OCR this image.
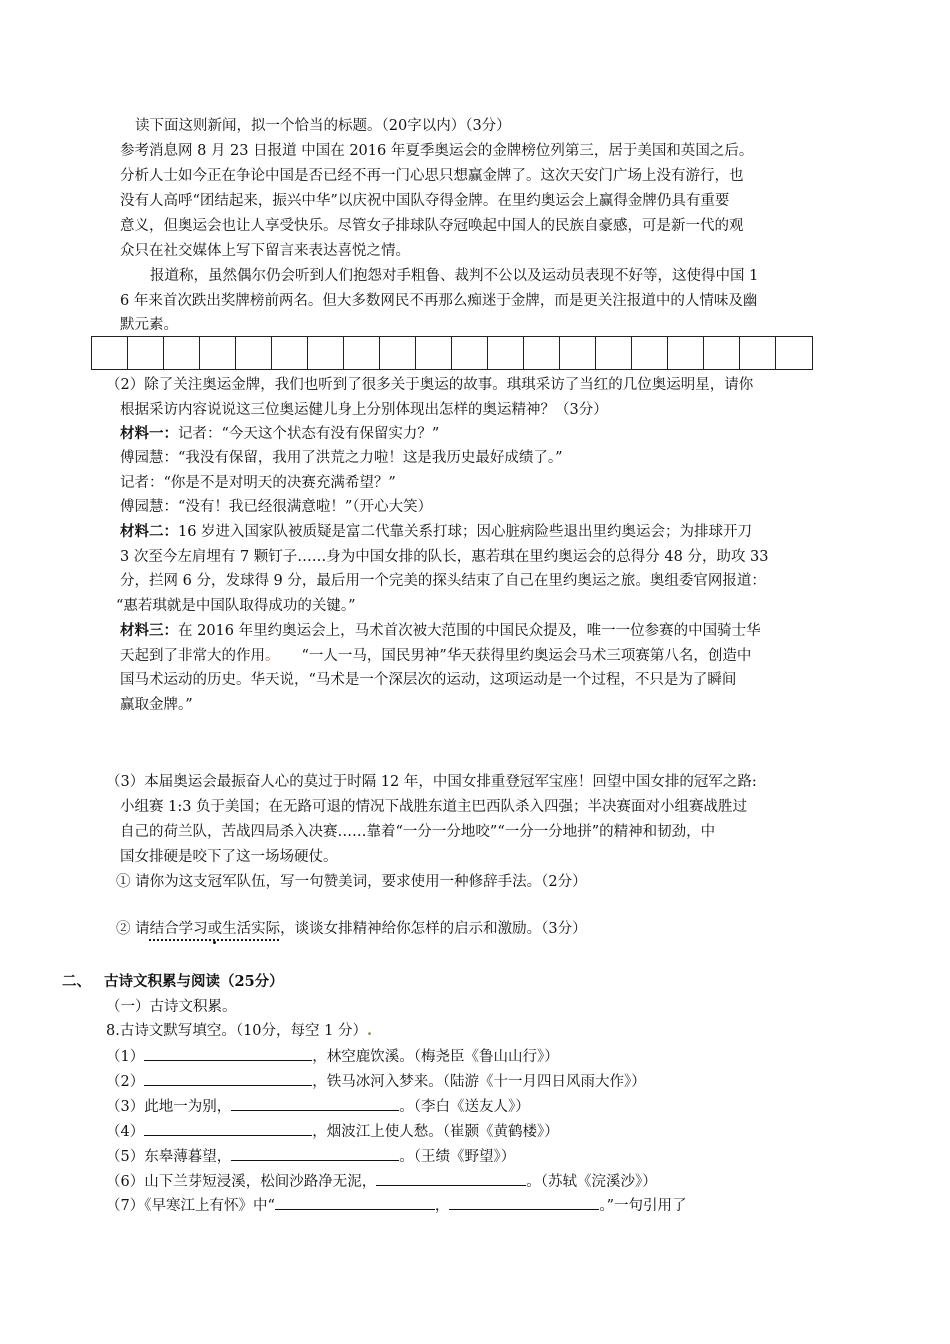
读下面这则新闻，拟一个恰当的标题。（20字以内）（3分）
参考消息网 8 月 23 日报道 中国在 2016 年夏季奥运会的金牌榜位列第三，居于美国和英国之后。
分析人士如今正在争论中国是否已经不再一门心思只想赢金牌了。这次天安门广场上没有游行，也
没有人高呼“团结起来，振兴中华”以庆祝中国队夺得金牌。在里约奥运会上赢得金牌仍具有重要
意义，但奥运会也让人享受快乐。尽管女子排球队夺冠唤起中国人的民族自豪感，可是新一代的观
众只在社交媒体上写下留言来表达喜悦之情。
报道称，虽然偶尔仍会听到人们抱怨对手粗鲁、裁判不公以及运动员表现不好等，这使得中国 1
6 年来首次跌出奖牌榜前两名。但大多数网民不再那么痴迷于金牌，而是更关注报道中的人情味及幽
默元素。
（2）除了关注奥运金牌，我们也听到了很多关于奥运的故事。琪琪采访了当红的几位奥运明星，请你
根据采访内容说说这三位奥运健儿身上分别体现出怎样的奥运精神？（3分）
材料一：记者：“今天这个状态有没有保留实力？”
傅园慧：“我没有保留，我用了洪荒之力啦！这是我历史最好成绩了。”
记者：“你是不是对明天的决赛充满希望？”
傅园慧：“没有！我已经很满意啦！”（开心大笑）
材料二：16 岁进入国家队被质疑是富二代靠关系打球；因心脏病险些退出里约奥运会；为排球开刀
3 次至今左肩埋有 7 颗钉子……身为中国女排的队长，惠若琪在里约奥运会的总得分 48 分，助攻 33
分，拦网 6 分，发球得 9 分，最后用一个完美的探头结束了自己在里约奥运之旅。奥组委官网报道：
“惠若琪就是中国队取得成功的关键。”
材料三：在 2016 年里约奥运会上，马术首次被大范围的中国民众提及，唯一一位参赛的中国骑士华
天起到了非常大的作用。 “一人一马，国民男神”华天获得里约奥运会马术三项赛第八名，创造中
国马术运动的历史。华天说，“马术是一个深层次的运动，这项运动是一个过程，不只是为了瞬间
赢取金牌。”
（3）本届奥运会最振奋人心的莫过于时隔 12 年，中国女排重登冠军宝座！回望中国女排的冠军之路:
小组赛 1:3 负于美国；在无路可退的情况下战胜东道主巴西队杀入四强；半决赛面对小组赛战胜过
自己的荷兰队，苦战四局杀入决赛……靠着“一分一分地咬”“一分一分地拼”的精神和韧劲，中
国女排硬是咬下了这一场场硬仗。
① 请你为这支冠军队伍，写一句赞美词，要求使用一种修辞手法。（2分）
② 请结合学习或生活实际，谈谈女排精神给你怎样的启示和激励。（3分）
二、 古诗文积累与阅读（25分）
（一）古诗文积累。
8.古诗文默写填空。（10分，每空 1 分）.
（1）	，林空鹿饮溪。（梅尧臣《鲁山山行》）
（2）	，铁马冰河入梦来。（陆游《十一月四日风雨大作》）
（3）此地一为别，	。（李白《送友人》）
（4）	，烟波江上使人愁。（崔颢《黄鹤楼》）
（5）东皋薄暮望，	。（王绩《野望》）
（6）山下兰芽短浸溪，松间沙路净无泥，	。（苏轼《浣溪沙》）
（7）《早寒江上有怀》中“	，	。”一句引用了
